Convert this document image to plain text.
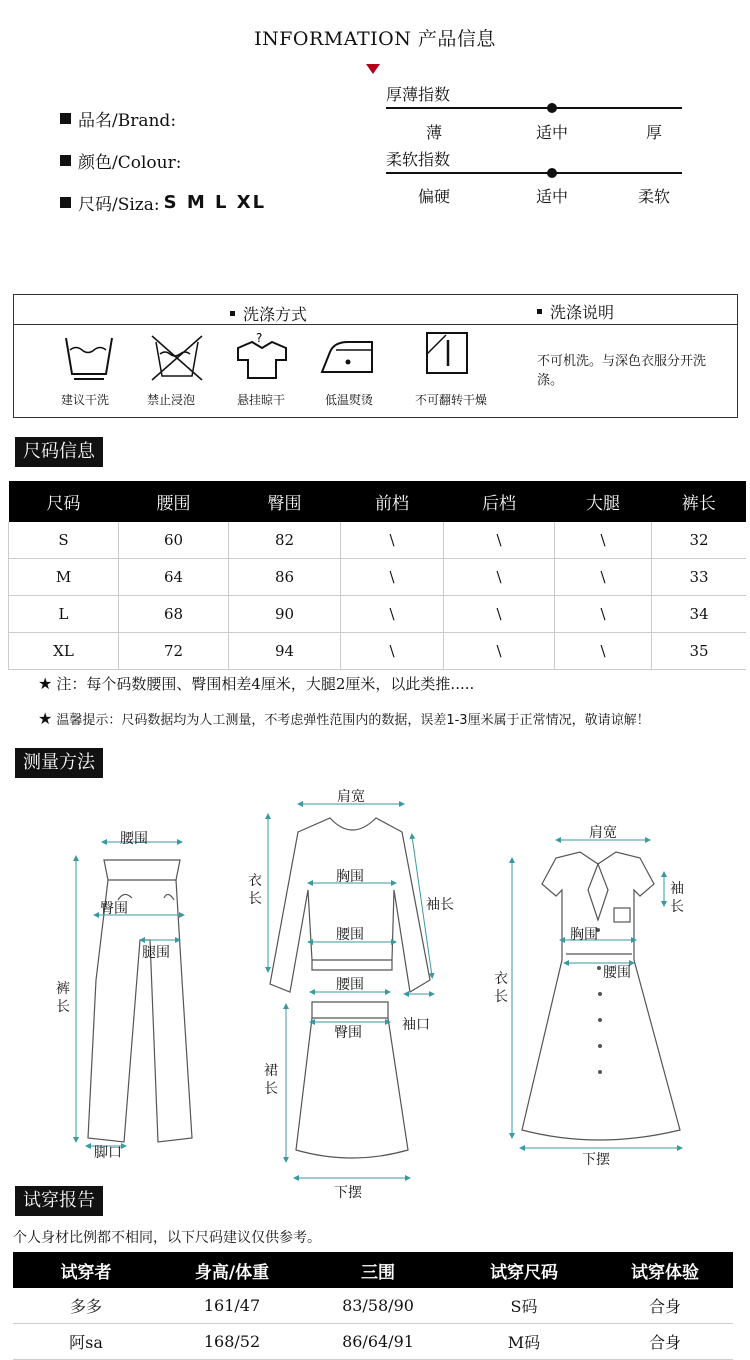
INFORMATION 产品信息
品名/Brand:
颜色/Colour:
尺码/Siza: S M L XL
厚薄指数
薄	适中	厚
柔软指数
偏硬	适中	柔软
洗涤方式	洗涤说明
?
建议干洗	禁止浸泡	悬挂晾干	低温熨烫	不可翻转干燥
不可机洗。与深色衣服分开洗涤。
尺码信息
尺码	腰围	臀围	前档	后档	大腿	裤长
S	60	82	\	\	\	32
M	64	86	\	\	\	33
L	68	90	\	\	\	34
XL	72	94	\	\	\	35
★ 注：每个码数腰围、臀围相差4厘米，大腿2厘米，以此类推.....
★ 温馨提示：尺码数据均为人工测量，不考虑弹性范围内的数据，误差1-3厘米属于正常情况，敬请谅解！
测量方法
腰围
臀围
腿围
裤长
脚口
肩宽
胸围
腰围
衣长	袖长
袖口
腰围
臀围
裙长
下摆
肩宽
袖长
胸围
腰围
衣长
下摆
试穿报告
个人身材比例都不相同，以下尺码建议仅供参考。
试穿者	身高/体重	三围	试穿尺码	试穿体验
多多	161/47	83/58/90	S码	合身
阿sa	168/52	86/64/91	M码	合身
